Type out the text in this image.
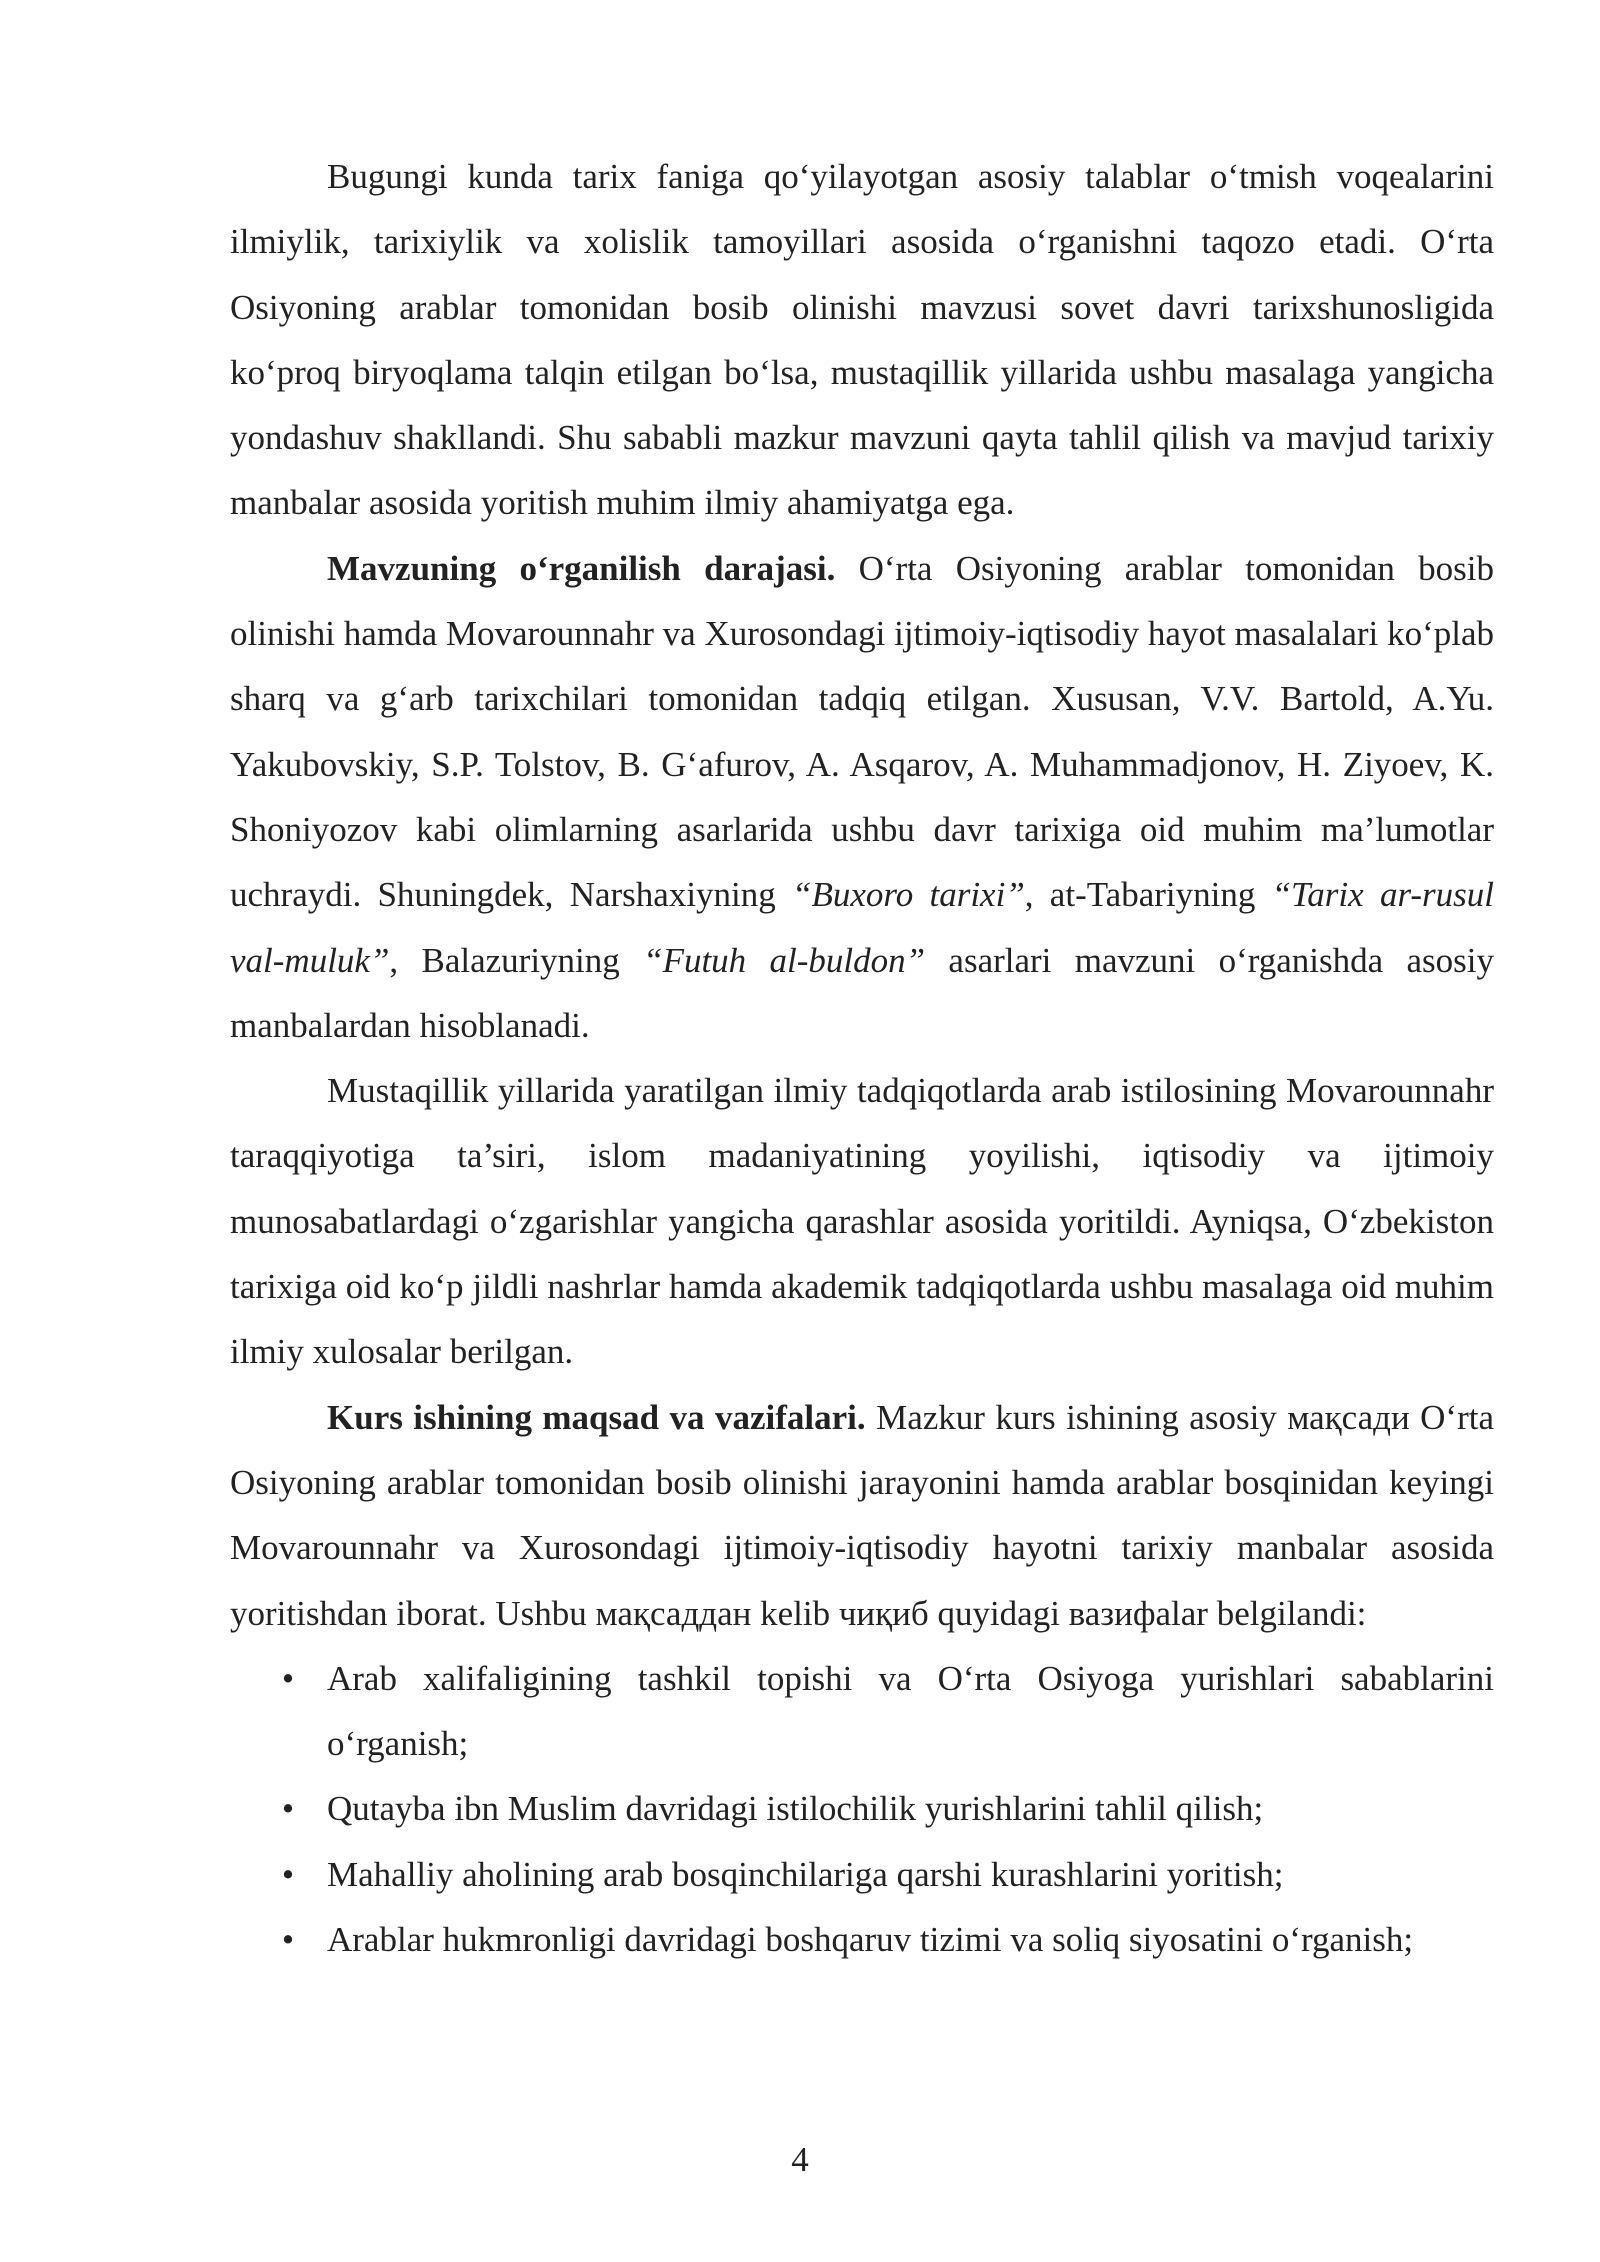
Bugungi kunda tarix faniga qo‘yilayotgan asosiy talablar o‘tmish voqealarini ilmiylik, tarixiylik va xolislik tamoyillari asosida o‘rganishni taqozo etadi. O‘rta Osiyoning arablar tomonidan bosib olinishi mavzusi sovet davri tarixshunosligida ko‘proq biryoqlama talqin etilgan bo‘lsa, mustaqillik yillarida ushbu masalaga yangicha yondashuv shakllandi. Shu sababli mazkur mavzuni qayta tahlil qilish va mavjud tarixiy manbalar asosida yoritish muhim ilmiy ahamiyatga ega.

Mavzuning o‘rganilish darajasi. O‘rta Osiyoning arablar tomonidan bosib olinishi hamda Movarounnahr va Xurosondagi ijtimoiy-iqtisodiy hayot masalalari ko‘plab sharq va g‘arb tarixchilari tomonidan tadqiq etilgan. Xususan, V.V. Bartold, A.Yu. Yakubovskiy, S.P. Tolstov, B. G‘afurov, A. Asqarov, A. Muhammadjonov, H. Ziyoev, K. Shoniyozov kabi olimlarning asarlarida ushbu davr tarixiga oid muhim ma’lumotlar uchraydi. Shuningdek, Narshaxiyning “Buxoro tarixi”, at-Tabariyning “Tarix ar-rusul val-muluk”, Balazuriyning “Futuh al-buldon” asarlari mavzuni o‘rganishda asosiy manbalardan hisoblanadi.

Mustaqillik yillarida yaratilgan ilmiy tadqiqotlarda arab istilosining Movarounnahr taraqqiyotiga ta’siri, islom madaniyatining yoyilishi, iqtisodiy va ijtimoiy munosabatlardagi o‘zgarishlar yangicha qarashlar asosida yoritildi. Ayniqsa, O‘zbekiston tarixiga oid ko‘p jildli nashrlar hamda akademik tadqiqotlarda ushbu masalaga oid muhim ilmiy xulosalar berilgan.

Kurs ishining maqsad va vazifalari. Mazkur kurs ishining asosiy мақсади O‘rta Osiyoning arablar tomonidan bosib olinishi jarayonini hamda arablar bosqinidan keyingi Movarounnahr va Xurosondagi ijtimoiy-iqtisodiy hayotni tarixiy manbalar asosida yoritishdan iborat. Ushbu мақсаддан kelib чиқиб quyidagi вазифalar belgilandi:

• Arab xalifaligining tashkil topishi va O‘rta Osiyoga yurishlari sabablarini o‘rganish;
• Qutayba ibn Muslim davridagi istilochilik yurishlarini tahlil qilish;
• Mahalliy aholining arab bosqinchilariga qarshi kurashlarini yoritish;
• Arablar hukmronligi davridagi boshqaruv tizimi va soliq siyosatini o‘rganish;
4
